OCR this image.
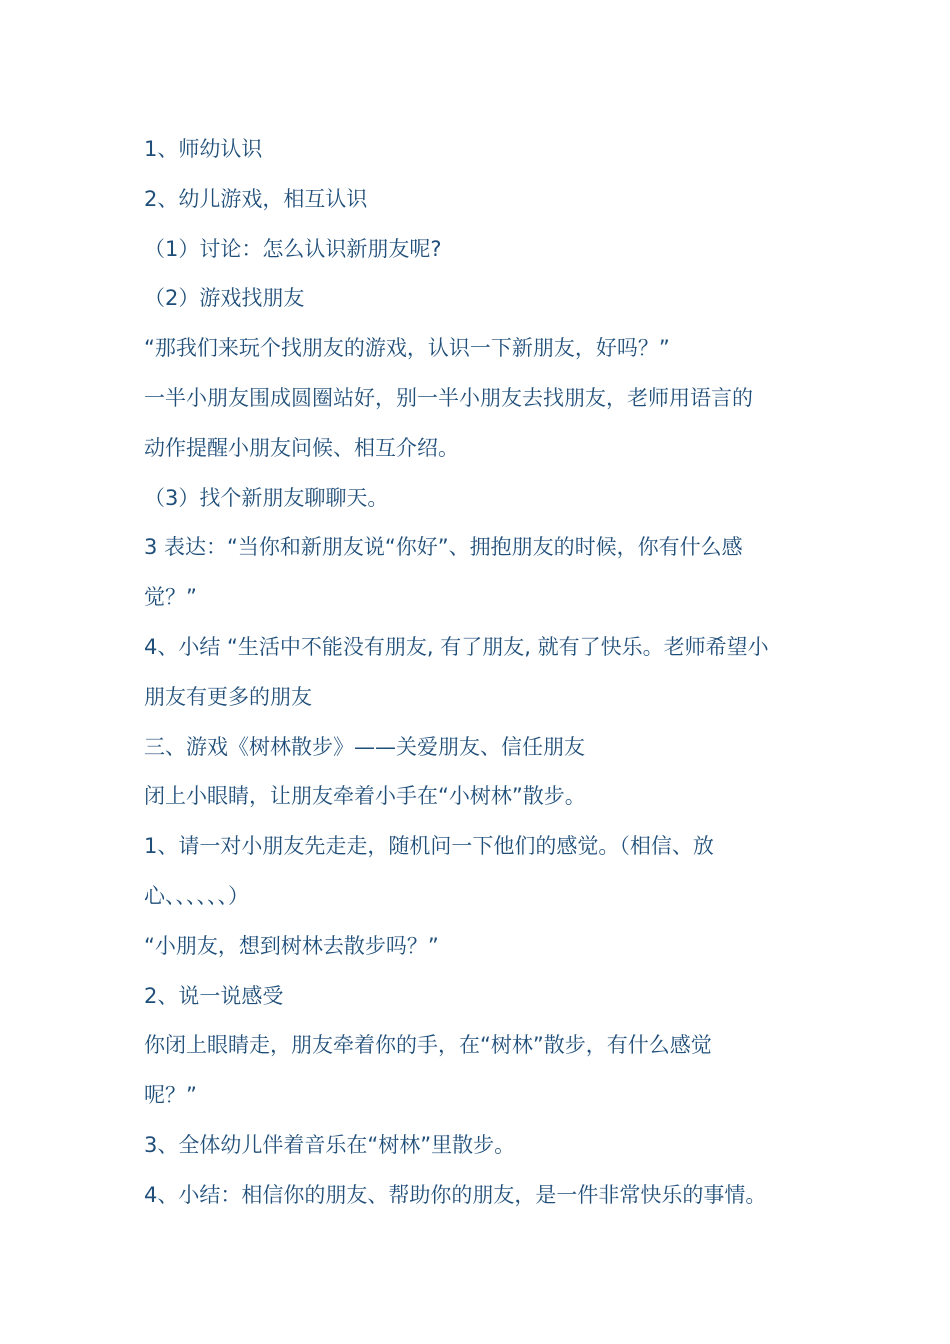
1、师幼认识
2、幼儿游戏，相互认识
（1）讨论：怎么认识新朋友呢?
（2）游戏找朋友
“那我们来玩个找朋友的游戏，认识一下新朋友，好吗？”
一半小朋友围成圆圈站好，别一半小朋友去找朋友，老师用语言的
动作提醒小朋友问候、相互介绍。
（3）找个新朋友聊聊天。
3 表达：“当你和新朋友说“你好”、拥抱朋友的时候，你有什么感
觉？”
4、小结 “生活中不能没有朋友, 有了朋友, 就有了快乐。老师希望小
朋友有更多的朋友
三、游戏《树林散步》——关爱朋友、信任朋友
闭上小眼睛，让朋友牵着小手在“小树林”散步。
1、请一对小朋友先走走，随机问一下他们的感觉。（相信、放
心、、、、、、）
“小朋友，想到树林去散步吗？”
2、说一说感受
你闭上眼睛走，朋友牵着你的手，在“树林”散步，有什么感觉
呢？”
3、全体幼儿伴着音乐在“树林”里散步。
4、小结：相信你的朋友、帮助你的朋友，是一件非常快乐的事情。
